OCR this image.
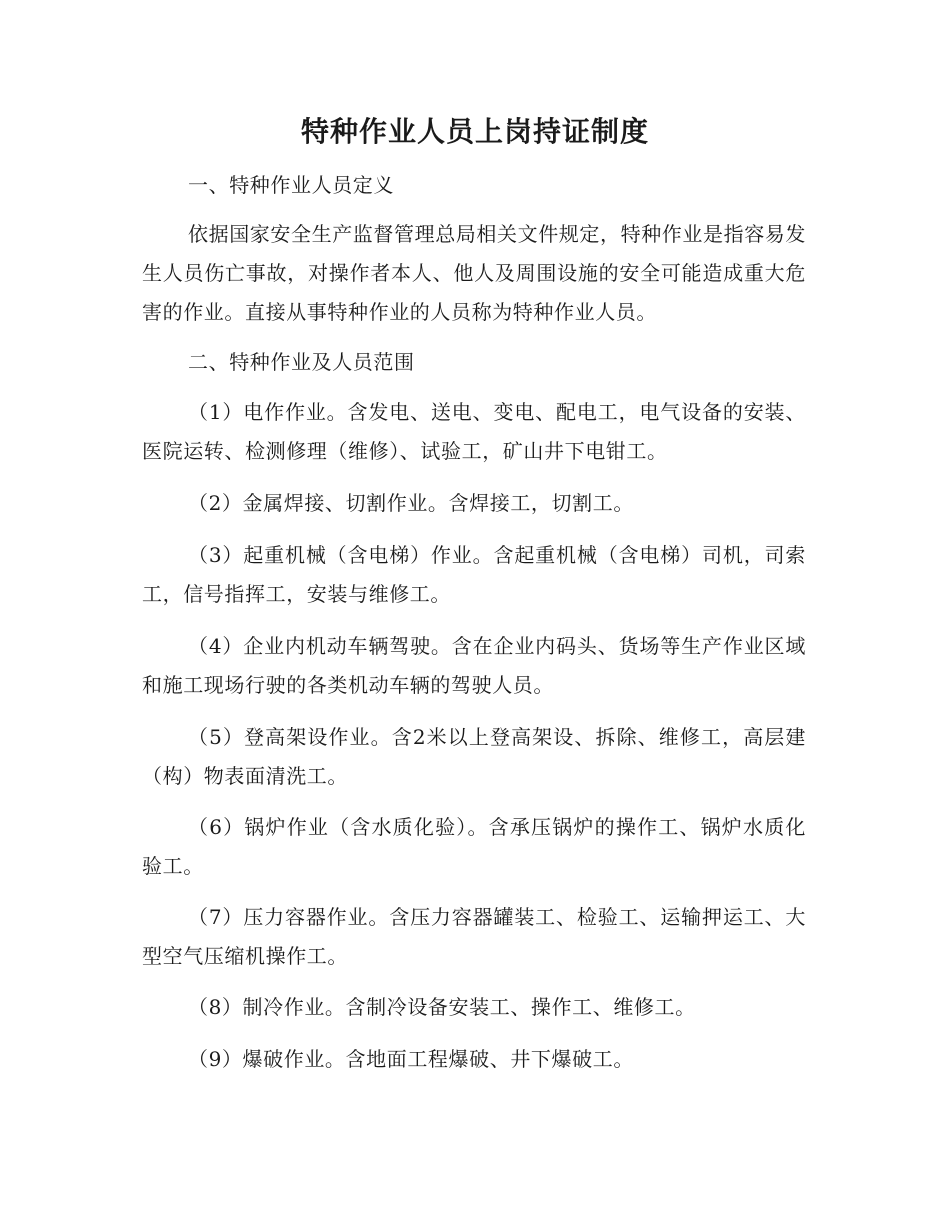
特种作业人员上岗持证制度

一、特种作业人员定义

依据国家安全生产监督管理总局相关文件规定，特种作业是指容易发生人员伤亡事故，对操作者本人、他人及周围设施的安全可能造成重大危害的作业。直接从事特种作业的人员称为特种作业人员。

二、特种作业及人员范围

（1）电作作业。含发电、送电、变电、配电工，电气设备的安装、医院运转、检测修理（维修）、试验工，矿山井下电钳工。

（2）金属焊接、切割作业。含焊接工，切割工。

（3）起重机械（含电梯）作业。含起重机械（含电梯）司机，司索工，信号指挥工，安装与维修工。

（4）企业内机动车辆驾驶。含在企业内码头、货场等生产作业区域和施工现场行驶的各类机动车辆的驾驶人员。

（5）登高架设作业。含2米以上登高架设、拆除、维修工，高层建（构）物表面清洗工。

（6）锅炉作业（含水质化验）。含承压锅炉的操作工、锅炉水质化验工。

（7）压力容器作业。含压力容器罐装工、检验工、运输押运工、大型空气压缩机操作工。

（8）制冷作业。含制冷设备安装工、操作工、维修工。

（9）爆破作业。含地面工程爆破、井下爆破工。
